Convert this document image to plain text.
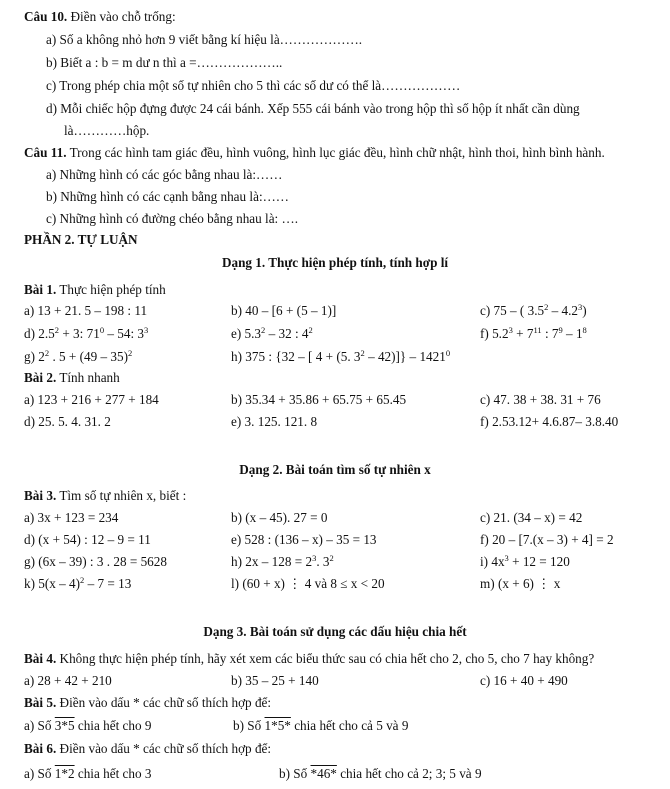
Câu 10. Điền vào chỗ trống:
a) Số a không nhỏ hơn 9 viết bằng kí hiệu là……………….
b) Biết a : b = m dư n thì a =………………..
c) Trong phép chia một số tự nhiên cho 5 thì các số dư có thể là………………
d) Mỗi chiếc hộp đựng được 24 cái bánh. Xếp 555 cái bánh vào trong hộp thì số hộp ít nhất cần dùng
là…………hộp.
Câu 11. Trong các hình tam giác đều, hình vuông, hình lục giác đều, hình chữ nhật, hình thoi, hình bình hành.
a) Những hình có các góc bằng nhau là:……
b) Những hình có các cạnh bằng nhau là:……
c) Những hình có đường chéo bằng nhau là: ….
PHẦN 2. TỰ LUẬN
Dạng 1. Thực hiện phép tính, tính hợp lí
Bài 1. Thực hiện phép tính
a) 13 + 21. 5 – 198 : 11	b) 40 – [6 + (5 – 1)]	c) 75 – ( $3.5^2 - 4.2^3$)
d) $2.5^2 + 3$: $71^0 - 54$: $3^3$	e) $5.3^2 - 32$ : $4^2$	f) $5.2^3 + 7^{11}$ : $7^9 - 1^8$
g) $2^2$ . 5 + (49 – 35)$^2$	h) 375 : {32 – [ 4 + (5. $3^2 - 42)]\} - 1421^0$
Bài 2. Tính nhanh
a) 123 + 216 + 277 + 184	b) 35.34 + 35.86 + 65.75 + 65.45	c) 47. 38 + 38. 31 + 76
d) 25. 5. 4. 31. 2	e) 3. 125. 121. 8	f) 2.53.12+ 4.6.87– 3.8.40
Dạng 2. Bài toán tìm số tự nhiên x
Bài 3. Tìm số tự nhiên x, biết :
a) 3x + 123 = 234	b) (x – 45). 27 = 0	c) 21. (34 – x) = 42
d) (x + 54) : 12 – 9 = 11	e) 528 : (136 – x) – 35 = 13	f) 20 – [7.(x – 3) + 4] = 2
g) (6x – 39) : 3 . 28 = 5628	h) $2x - 128 = 2^3$. $3^2$	i) $4x^3 + 12 = 120$
k) 5(x – 4)$^2$ – 7 = 13	l) (60 + x) ⋮ 4 và 8 ≤ x < 20	m) (x + 6) ⋮ x
Dạng 3. Bài toán sử dụng các dấu hiệu chia hết
Bài 4. Không thực hiện phép tính, hãy xét xem các biểu thức sau có chia hết cho 2, cho 5, cho 7 hay không?
a) 28 + 42 + 210	b) 35 – 25 + 140	c) 16 + 40 + 490
Bài 5. Điền vào dấu * các chữ số thích hợp để:
a) Số 3*5 chia hết cho 9	b) Số 1*5* chia hết cho cả 5 và 9
Bài 6. Điền vào dấu * các chữ số thích hợp để:
a) Số 1*2 chia hết cho 3	b) Số *46* chia hết cho cả 2; 3; 5 và 9
